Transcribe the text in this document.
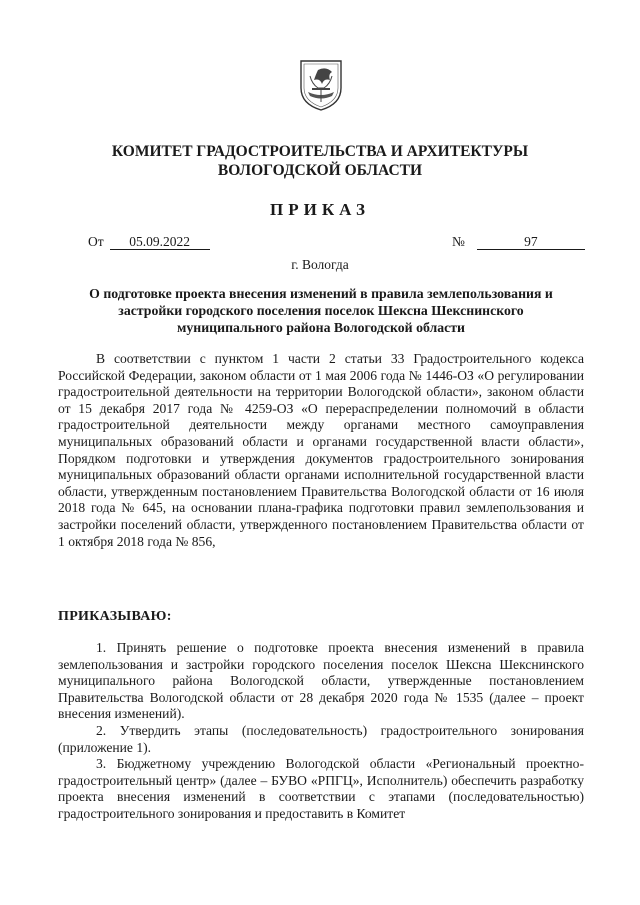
КОМИТЕТ ГРАДОСТРОИТЕЛЬСТВА И АРХИТЕКТУРЫ
ВОЛОГОДСКОЙ ОБЛАСТИ
ПРИКАЗ
От 05.09.2022	№	97
г. Вологда
О подготовке проекта внесения изменений в правила землепользования и застройки городского поселения поселок Шексна Шекснинского муниципального района Вологодской области
В соответствии с пунктом 1 части 2 статьи 33 Градостроительного кодекса Российской Федерации, законом области от 1 мая 2006 года № 1446-ОЗ «О регулировании градостроительной деятельности на территории Вологодской области», законом области от 15 декабря 2017 года № 4259-ОЗ «О перераспределении полномочий в области градостроительной деятельности между органами местного самоуправления муниципальных образований области и органами государственной власти области», Порядком подготовки и утверждения документов градостроительного зонирования муниципальных образований области органами исполнительной государственной власти области, утвержденным постановлением Правительства Вологодской области от 16 июля 2018 года № 645, на основании плана-графика подготовки правил землепользования и застройки поселений области, утвержденного постановлением Правительства области от 1 октября 2018 года № 856,
ПРИКАЗЫВАЮ:

1. Принять решение о подготовке проекта внесения изменений в правила землепользования и застройки городского поселения поселок Шексна Шекснинского муниципального района Вологодской области, утвержденные постановлением Правительства Вологодской области от 28 декабря 2020 года № 1535 (далее – проект внесения изменений).

2. Утвердить этапы (последовательность) градостроительного зонирования (приложение 1).

3. Бюджетному учреждению Вологодской области «Региональный проектно-градостроительный центр» (далее – БУВО «РПГЦ», Исполнитель) обеспечить разработку проекта внесения изменений в соответствии с этапами (последовательностью) градостроительного зонирования и предоставить в Комитет
